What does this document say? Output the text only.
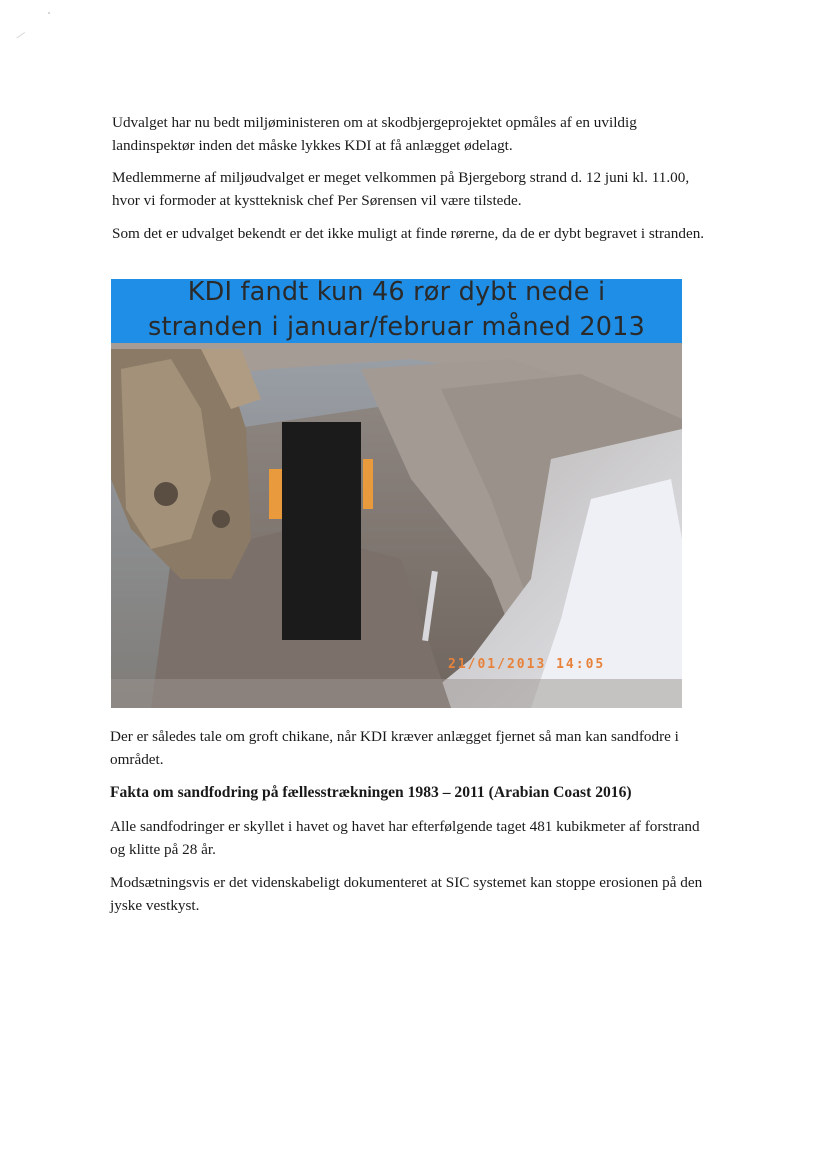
Udvalget har nu bedt miljøministeren om at skodbjergeprojektet opmåles af en uvildig landinspektør inden det måske lykkes KDI at få anlægget ødelagt.

Medlemmerne af miljøudvalget er meget velkommen på Bjergeborg strand d. 12 juni kl. 11.00, hvor vi formoder at kystteknisk chef Per Sørensen vil være tilstede.

Som det er udvalget bekendt er det ikke muligt at finde rørerne, da de er dybt begravet i stranden.

KDI fandt kun 46 rør dybt nede i
stranden i januar/februar måned 2013
21/01/2013 14:05

Der er således tale om groft chikane, når KDI kræver anlægget fjernet så man kan sandfodre i området.

Fakta om sandfodring på fællesstrækningen 1983 – 2011 (Arabian Coast 2016)

Alle sandfodringer er skyllet i havet og havet har efterfølgende taget 481 kubikmeter af forstrand og klitte på 28 år.

Modsætningsvis er det videnskabeligt dokumenteret at SIC systemet kan stoppe erosionen på den jyske vestkyst.
